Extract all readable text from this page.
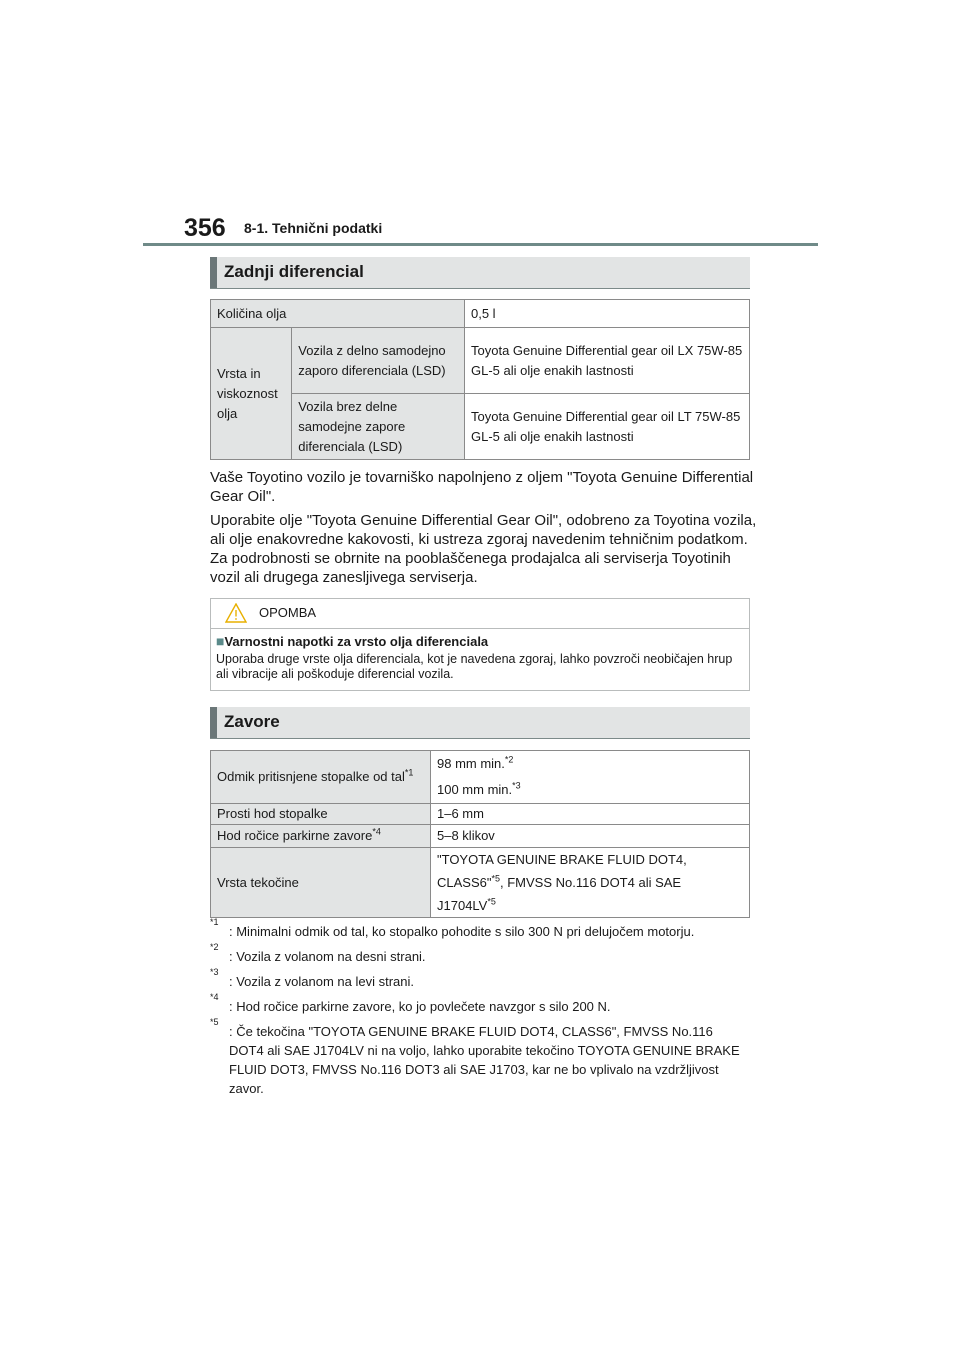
356 8-1. Tehnični podatki
Zadnji diferencial
Količina olja		0,5 l
Vrsta in viskoznost olja	Vozila z delno samodejno zaporo diferenciala (LSD)	Toyota Genuine Differential gear oil LX 75W-85 GL-5 ali olje enakih lastnosti
	Vozila brez delne samodejne zapore diferenciala (LSD)	Toyota Genuine Differential gear oil LT 75W-85 GL-5 ali olje enakih lastnosti
Vaše Toyotino vozilo je tovarniško napolnjeno z oljem "Toyota Genuine Differential Gear Oil".
Uporabite olje "Toyota Genuine Differential Gear Oil", odobreno za Toyotina vozila, ali olje enakovredne kakovosti, ki ustreza zgoraj navedenim tehničnim podatkom. Za podrobnosti se obrnite na pooblaščenega prodajalca ali serviserja Toyotinih vozil ali drugega zanesljivega serviserja.
OPOMBA
■Varnostni napotki za vrsto olja diferenciala
Uporaba druge vrste olja diferenciala, kot je navedena zgoraj, lahko povzroči neobičajen hrup ali vibracije ali poškoduje diferencial vozila.
Zavore
Odmik pritisnjene stopalke od tal$^{*1}$	98 mm min.$^{*2}$
100 mm min.$^{*3}$

Prosti hod stopalke	1–6 mm
Hod ročice parkirne zavore$^{*4}$	5–8 klikov
Vrsta tekočine	"TOYOTA GENUINE BRAKE FLUID DOT4,
CLASS6"$^{*5}$, FMVSS No.116 DOT4 ali SAE
J1704LV$^{*5}$
*1
: Minimalni odmik od tal, ko stopalko pohodite s silo 300 N pri delujočem motorju.
*2
: Vozila z volanom na desni strani.
*3
: Vozila z volanom na levi strani.
*4
: Hod ročice parkirne zavore, ko jo povlečete navzgor s silo 200 N.
*5
: Če tekočina "TOYOTA GENUINE BRAKE FLUID DOT4, CLASS6", FMVSS No.116 DOT4 ali SAE J1704LV ni na voljo, lahko uporabite tekočino TOYOTA GENUINE BRAKE FLUID DOT3, FMVSS No.116 DOT3 ali SAE J1703, kar ne bo vplivalo na vzdržljivost zavor.
